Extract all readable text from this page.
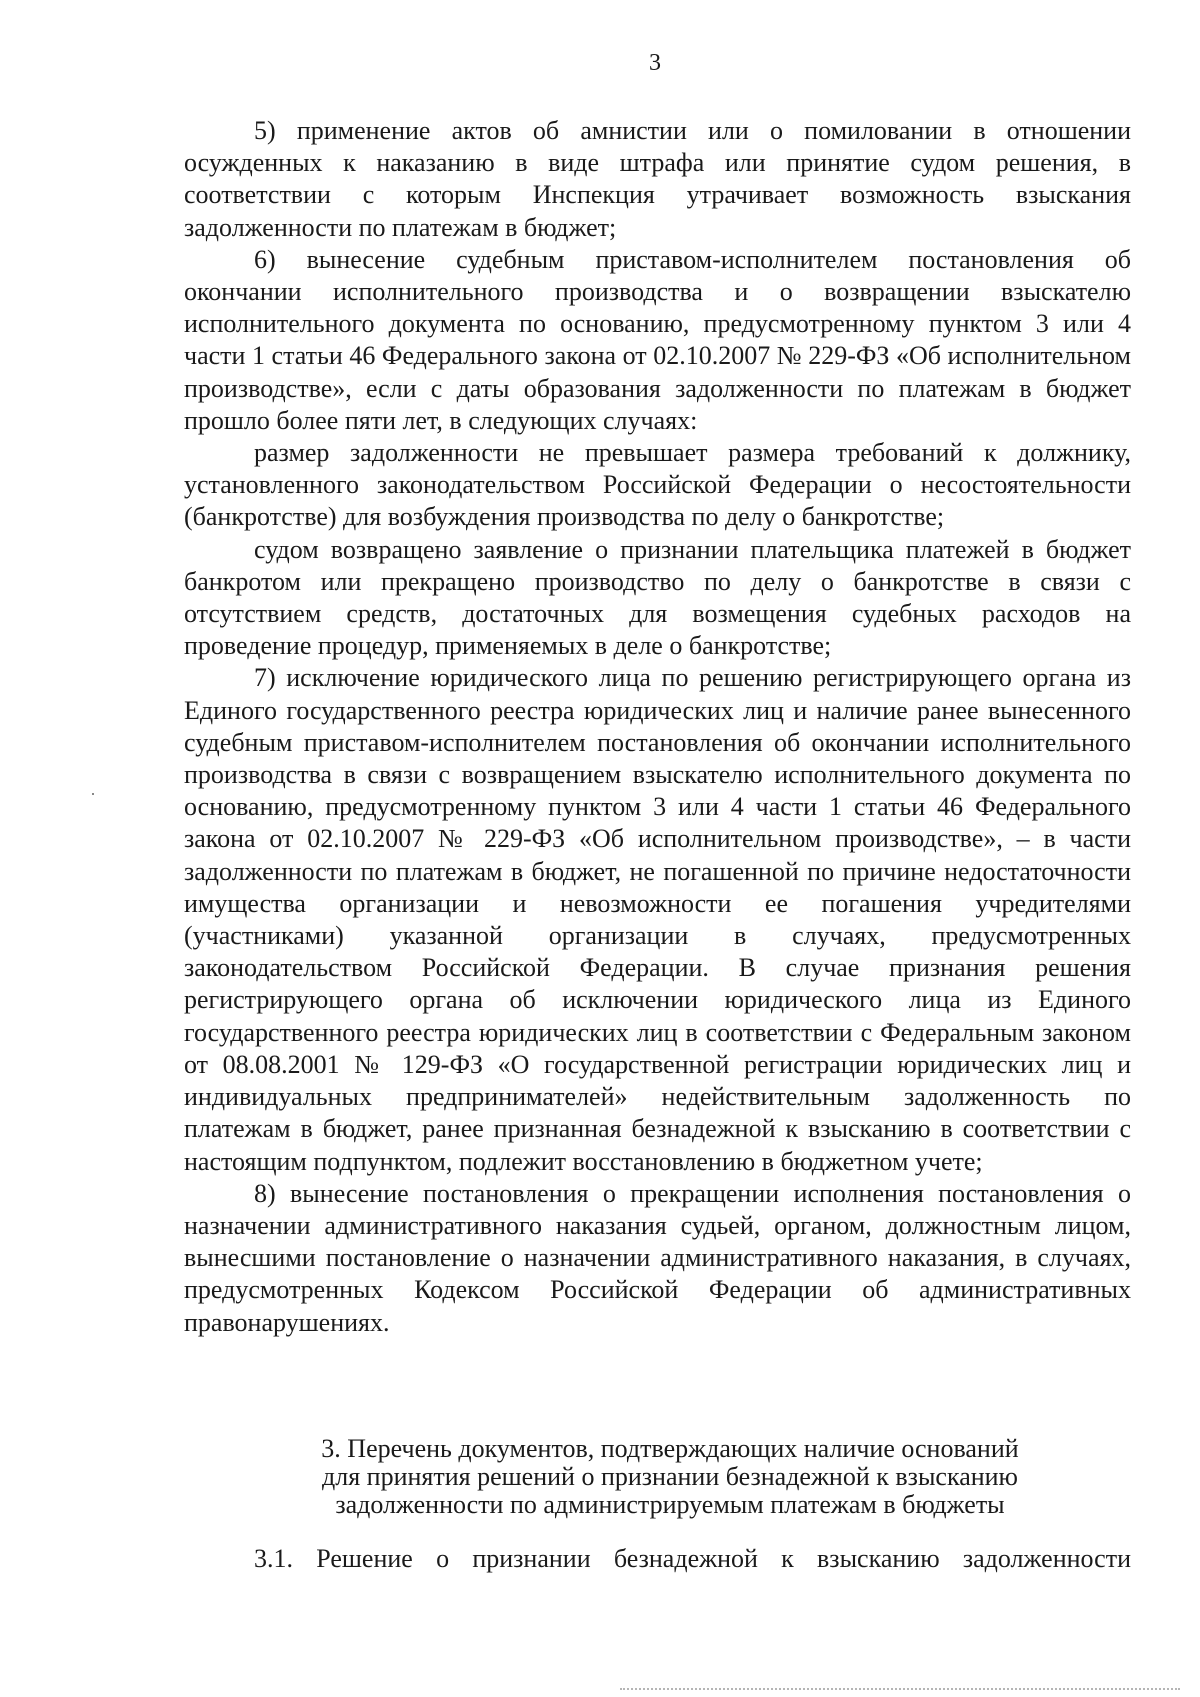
3

5) применение актов об амнистии или о помиловании в отношении осужденных к наказанию в виде штрафа или принятие судом решения, в соответствии с которым Инспекция утрачивает возможность взыскания задолженности по платежам в бюджет;

6) вынесение судебным приставом-исполнителем постановления об окончании исполнительного производства и о возвращении взыскателю исполнительного документа по основанию, предусмотренному пунктом 3 или 4 части 1 статьи 46 Федерального закона от 02.10.2007 № 229-ФЗ «Об исполнительном производстве», если с даты образования задолженности по платежам в бюджет прошло более пяти лет, в следующих случаях:

размер задолженности не превышает размера требований к должнику, установленного законодательством Российской Федерации о несостоятельности (банкротстве) для возбуждения производства по делу о банкротстве;

судом возвращено заявление о признании плательщика платежей в бюджет банкротом или прекращено производство по делу о банкротстве в связи с отсутствием средств, достаточных для возмещения судебных расходов на проведение процедур, применяемых в деле о банкротстве;

7) исключение юридического лица по решению регистрирующего органа из Единого государственного реестра юридических лиц и наличие ранее вынесенного судебным приставом-исполнителем постановления об окончании исполнительного производства в связи с возвращением взыскателю исполнительного документа по основанию, предусмотренному пунктом 3 или 4 части 1 статьи 46 Федерального закона от 02.10.2007 № 229-ФЗ «Об исполнительном производстве», – в части задолженности по платежам в бюджет, не погашенной по причине недостаточности имущества организации и невозможности ее погашения учредителями (участниками) указанной организации в случаях, предусмотренных законодательством Российской Федерации. В случае признания решения регистрирующего органа об исключении юридического лица из Единого государственного реестра юридических лиц в соответствии с Федеральным законом от 08.08.2001 № 129-ФЗ «О государственной регистрации юридических лиц и индивидуальных предпринимателей» недействительным задолженность по платежам в бюджет, ранее признанная безнадежной к взысканию в соответствии с настоящим подпунктом, подлежит восстановлению в бюджетном учете;

8) вынесение постановления о прекращении исполнения постановления о назначении административного наказания судьей, органом, должностным лицом, вынесшими постановление о назначении административного наказания, в случаях, предусмотренных Кодексом Российской Федерации об административных правонарушениях.

3. Перечень документов, подтверждающих наличие оснований
для принятия решений о признании безнадежной к взысканию
задолженности по администрируемым платежам в бюджеты
3.1. Решение о признании безнадежной к взысканию задолженности
